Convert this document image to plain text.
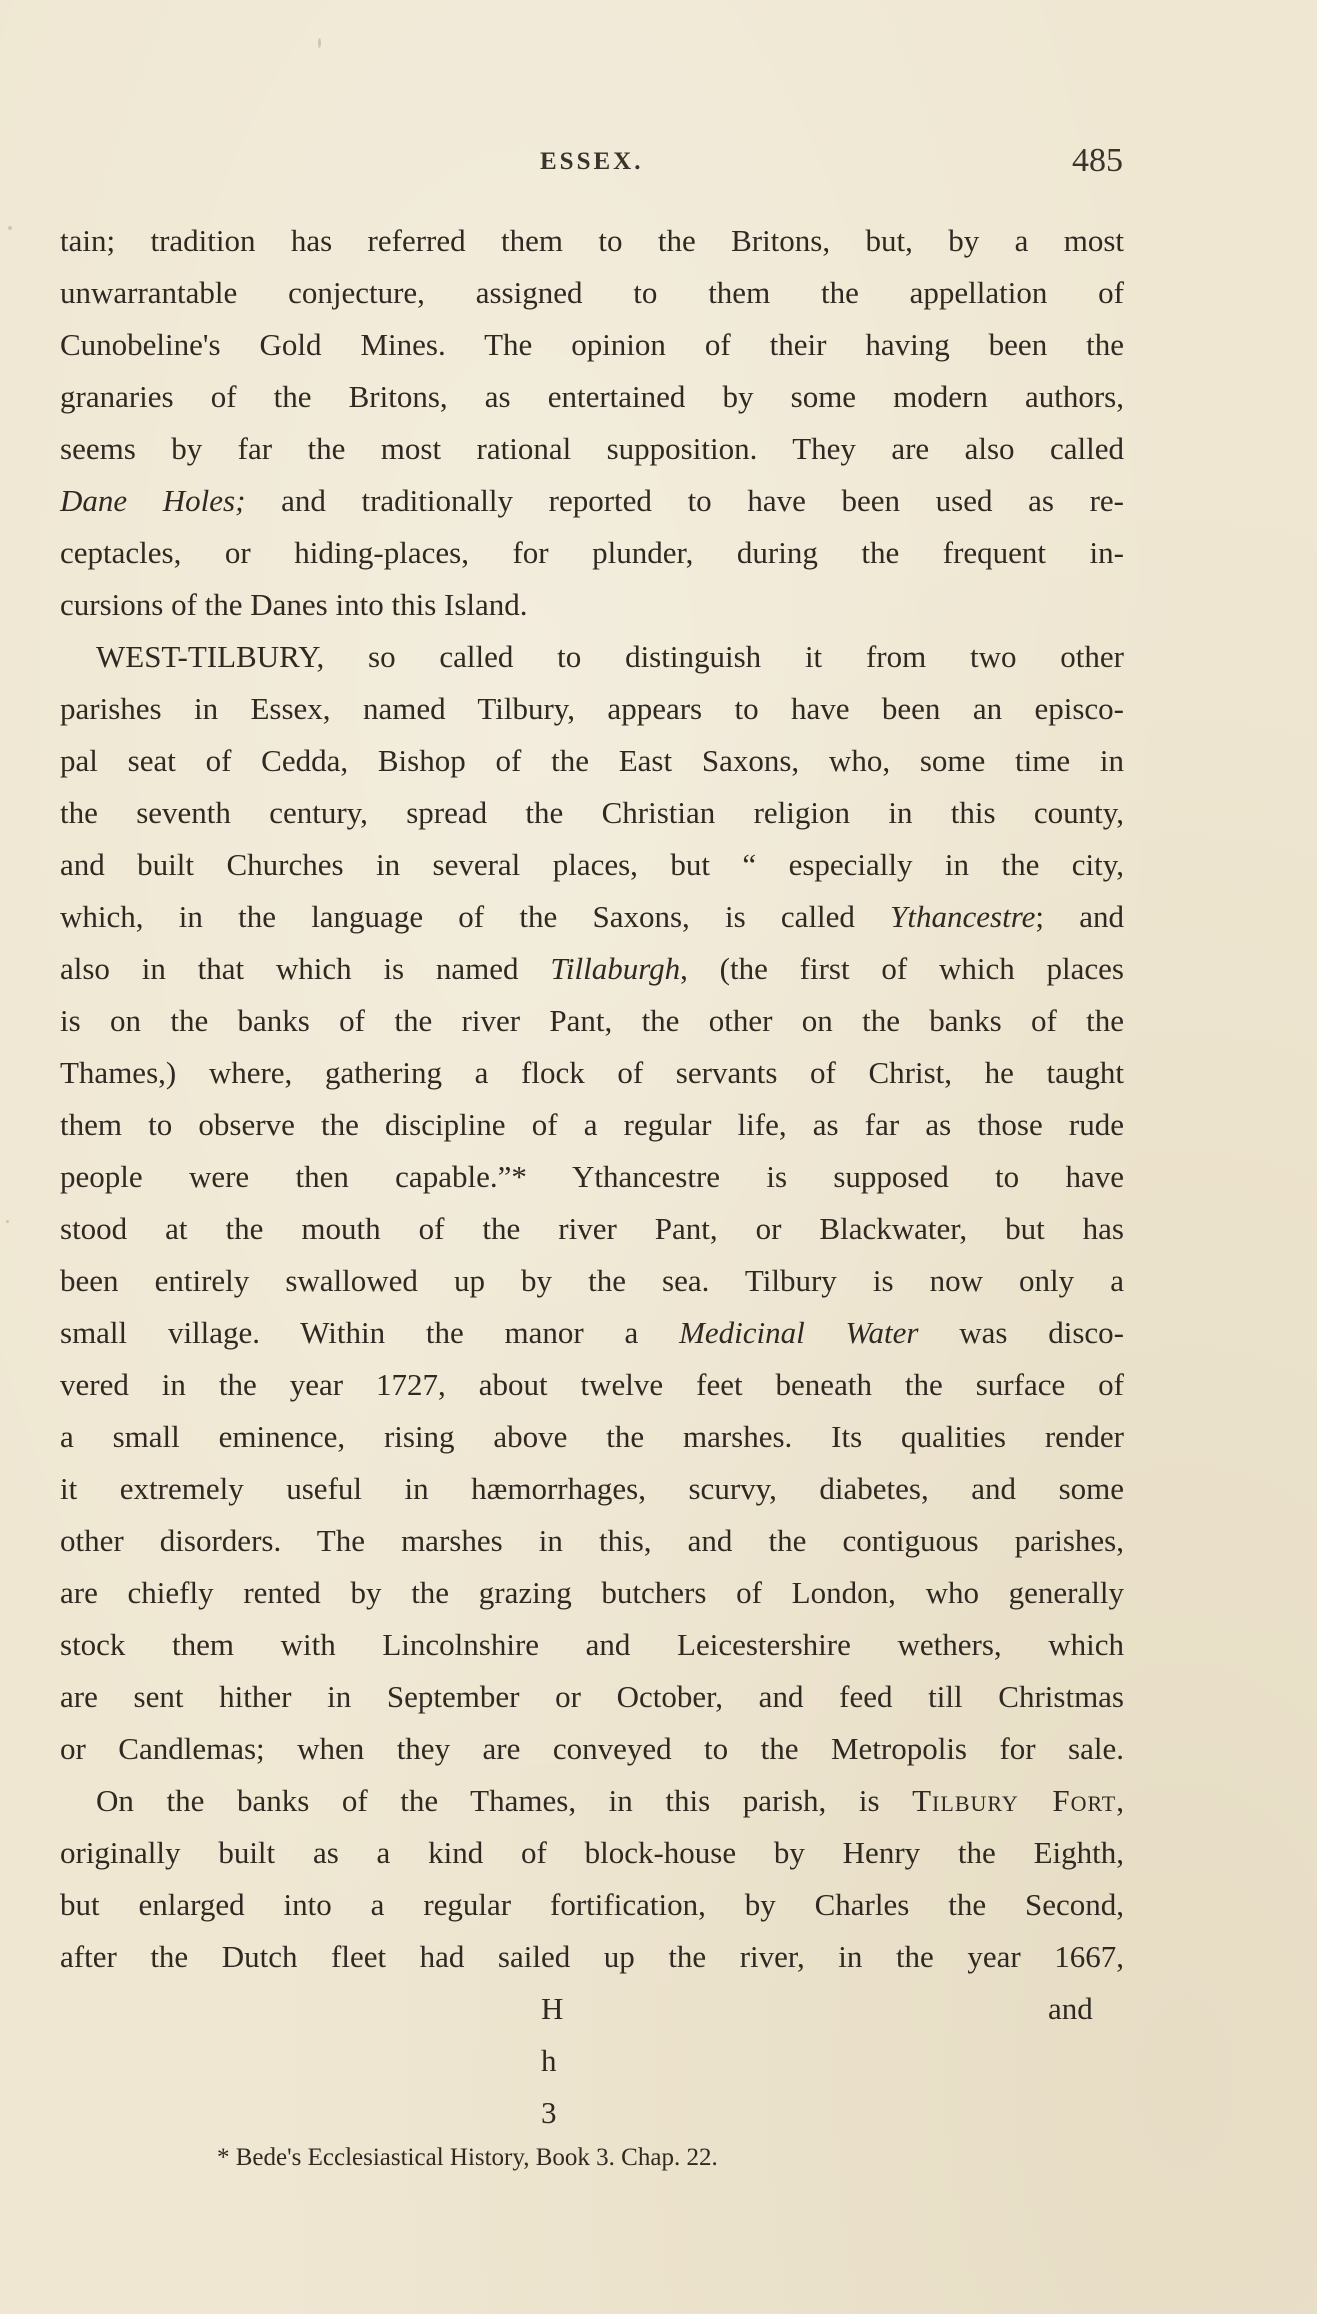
ESSEX.	485
tain; tradition has referred them to the Britons, but, by a most
unwarrantable conjecture, assigned to them the appellation of
Cunobeline's Gold Mines. The opinion of their having been the
granaries of the Britons, as entertained by some modern authors,
seems by far the most rational supposition. They are also called
Dane Holes; and traditionally reported to have been used as re-
ceptacles, or hiding-places, for plunder, during the frequent in-
cursions of the Danes into this Island.
WEST-TILBURY, so called to distinguish it from two other
parishes in Essex, named Tilbury, appears to have been an episco-
pal seat of Cedda, Bishop of the East Saxons, who, some time in
the seventh century, spread the Christian religion in this county,
and built Churches in several places, but “ especially in the city,
which, in the language of the Saxons, is called Ythancestre; and
also in that which is named Tillaburgh, (the first of which places
is on the banks of the river Pant, the other on the banks of the
Thames,) where, gathering a flock of servants of Christ, he taught
them to observe the discipline of a regular life, as far as those rude
people were then capable.”* Ythancestre is supposed to have
stood at the mouth of the river Pant, or Blackwater, but has
been entirely swallowed up by the sea. Tilbury is now only a
small village. Within the manor a Medicinal Water was disco-
vered in the year 1727, about twelve feet beneath the surface of
a small eminence, rising above the marshes. Its qualities render
it extremely useful in hæmorrhages, scurvy, diabetes, and some
other disorders. The marshes in this, and the contiguous parishes,
are chiefly rented by the grazing butchers of London, who generally
stock them with Lincolnshire and Leicestershire wethers, which
are sent hither in September or October, and feed till Christmas
or Candlemas; when they are conveyed to the Metropolis for sale.
On the banks of the Thames, in this parish, is Tilbury Fort,
originally built as a kind of block-house by Henry the Eighth,
but enlarged into a regular fortification, by Charles the Second,
after the Dutch fleet had sailed up the river, in the year 1667,
H h 3
and
* Bede's Ecclesiastical History, Book 3. Chap. 22.
